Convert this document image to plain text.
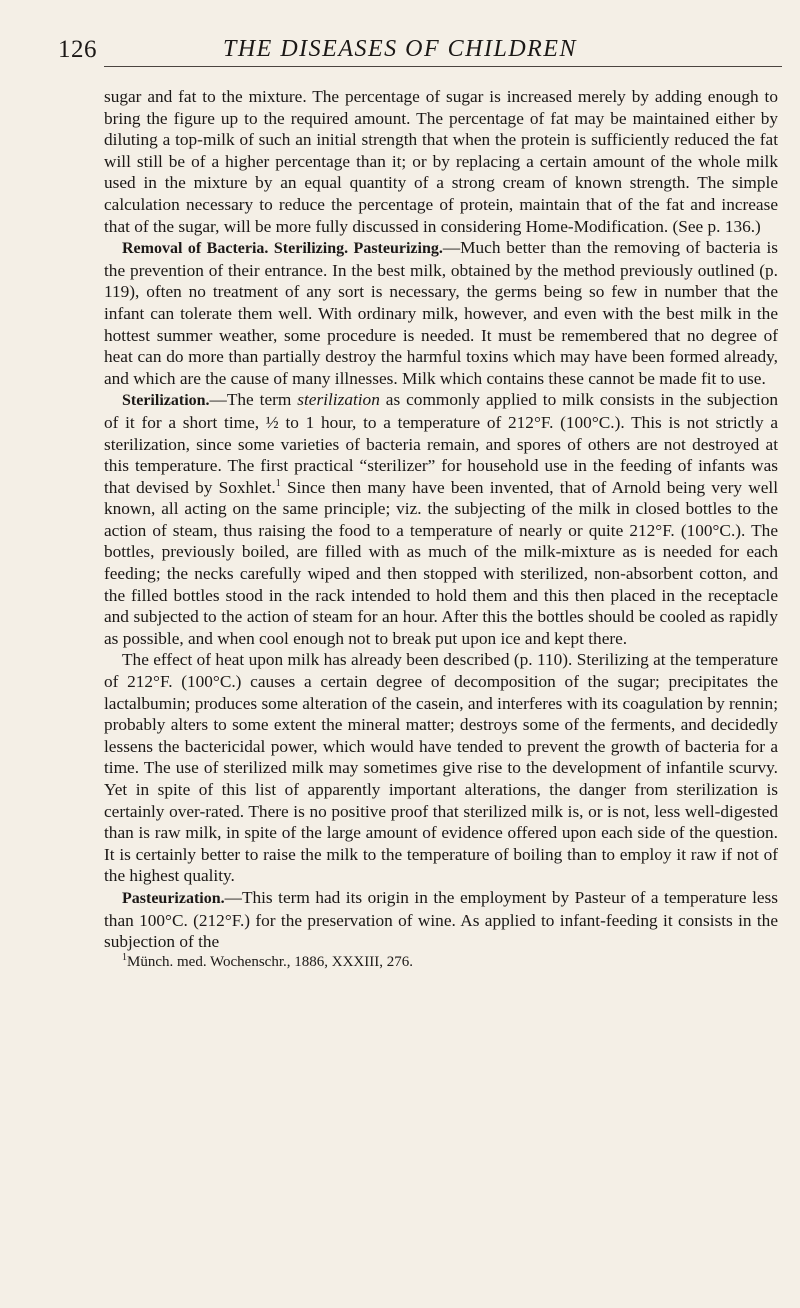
126	THE DISEASES OF CHILDREN

sugar and fat to the mixture. The percentage of sugar is increased merely by adding enough to bring the figure up to the required amount. The percentage of fat may be maintained either by diluting a top-milk of such an initial strength that when the protein is sufficiently reduced the fat will still be of a higher percentage than it; or by replacing a certain amount of the whole milk used in the mixture by an equal quantity of a strong cream of known strength. The simple calculation necessary to reduce the percentage of protein, maintain that of the fat and increase that of the sugar, will be more fully discussed in considering Home-Modification. (See p. 136.)

Removal of Bacteria. Sterilizing. Pasteurizing.—Much better than the removing of bacteria is the prevention of their entrance. In the best milk, obtained by the method previously outlined (p. 119), often no treatment of any sort is necessary, the germs being so few in number that the infant can tolerate them well. With ordinary milk, however, and even with the best milk in the hottest summer weather, some procedure is needed. It must be remembered that no degree of heat can do more than partially destroy the harmful toxins which may have been formed already, and which are the cause of many illnesses. Milk which contains these cannot be made fit to use.

Sterilization.—The term sterilization as commonly applied to milk consists in the subjection of it for a short time, ½ to 1 hour, to a temperature of 212°F. (100°C.). This is not strictly a sterilization, since some varieties of bacteria remain, and spores of others are not destroyed at this temperature. The first practical “sterilizer” for household use in the feeding of infants was that devised by Soxhlet.$^1$ Since then many have been invented, that of Arnold being very well known, all acting on the same principle; viz. the subjecting of the milk in closed bottles to the action of steam, thus raising the food to a temperature of nearly or quite 212°F. (100°C.). The bottles, previously boiled, are filled with as much of the milk-mixture as is needed for each feeding; the necks carefully wiped and then stopped with sterilized, non-absorbent cotton, and the filled bottles stood in the rack intended to hold them and this then placed in the receptacle and subjected to the action of steam for an hour. After this the bottles should be cooled as rapidly as possible, and when cool enough not to break put upon ice and kept there.

The effect of heat upon milk has already been described (p. 110). Sterilizing at the temperature of 212°F. (100°C.) causes a certain degree of decomposition of the sugar; precipitates the lactalbumin; produces some alteration of the casein, and interferes with its coagulation by rennin; probably alters to some extent the mineral matter; destroys some of the ferments, and decidedly lessens the bactericidal power, which would have tended to prevent the growth of bacteria for a time. The use of sterilized milk may sometimes give rise to the development of infantile scurvy. Yet in spite of this list of apparently important alterations, the danger from sterilization is certainly over-rated. There is no positive proof that sterilized milk is, or is not, less well-digested than is raw milk, in spite of the large amount of evidence offered upon each side of the question. It is certainly better to raise the milk to the temperature of boiling than to employ it raw if not of the highest quality.

Pasteurization.—This term had its origin in the employment by Pasteur of a temperature less than 100°C. (212°F.) for the preservation of wine. As applied to infant-feeding it consists in the subjection of the

$^1$Münch. med. Wochenschr., 1886, XXXIII, 276.
